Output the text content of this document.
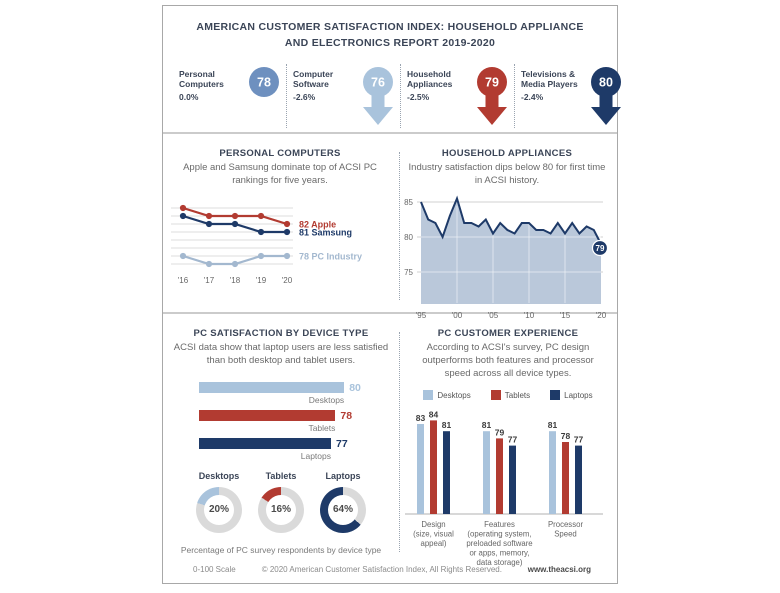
AMERICAN CUSTOMER SATISFACTION INDEX: HOUSEHOLD APPLIANCE
AND ELECTRONICS REPORT 2019-2020
Personal Computers
0.0%
78
Computer Software
-2.6%
76
Household Appliances
-2.5%
79
Televisions & Media Players
-2.4%
80
PERSONAL COMPUTERS
Apple and Samsung dominate top of ACSI PC rankings for five years.
78 PC Industry
81 Samsung
82 Apple
'16 '17 '18 '19 '20
HOUSEHOLD APPLIANCES
Industry satisfaction dips below 80 for first time in ACSI history.
85
80
75
'95	'00	'05	'10	'15	'20
79
PC SATISFACTION BY DEVICE TYPE
ACSI data show that laptop users are less satisfied than both desktop and tablet users.
80
Desktops
78
Tablets
77
Laptops
Desktops
20%
Tablets
16%
Laptops
64%
Percentage of PC survey respondents by device type
PC CUSTOMER EXPERIENCE
According to ACSI's survey, PC design outperforms both features and processor speed across all device types.
Desktops	Tablets	Laptops
83 84
81
Design
(size, visual
appeal)
81
79
77
Features
(operating system,
preloaded software
or apps, memory,
data storage)
81
78 77
Processor
Speed
0-100 Scale	© 2020 American Customer Satisfaction Index, All Rights Reserved.	www.theacsi.org
